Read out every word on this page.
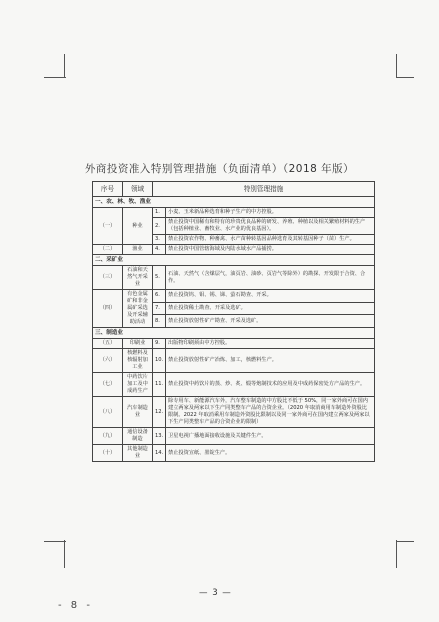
外商投资准入特别管理措施（负面清单）（2018 年版）
序号	领域	特别管理措施	
一、农、林、牧、渔业			
（一）	种业	1.	小麦、玉米新品种选育和种子生产的中方控股。
		2.	禁止投资中国稀有和特有的珍贵优良品种的研发、养殖、种植以及相关繁殖材料的生产（包括种植业、畜牧业、水产业的优良基因）。
		3.	禁止投资农作物、种畜禽、水产苗种转基因品种选育及其转基因种子（苗）生产。
（二）	渔业	4.	禁止投资中国管辖海域及内陆水域水产品捕捞。
二、采矿业			
（三）	石油和天然气开采业	5.	石油、天然气（含煤层气，油页岩、油砂、页岩气等除外）的勘探、开发限于合资、合作。
（四）	有色金属矿和非金属矿采选及开采辅助活动	6.	禁止投资钨、钼、锡、锑、萤石勘查、开采。
		7.	禁止投资稀土勘查、开采及选矿。
		8.	禁止投资放射性矿产勘查、开采及选矿。
三、制造业			
（五）	印刷业	9.	出版物印刷须由中方控股。
（六）	核燃料及核辐射加工业	10.	禁止投资放射性矿产冶炼、加工，核燃料生产。
（七）	中药饮片加工及中成药生产	11.	禁止投资中药饮片的蒸、炒、炙、煅等炮制技术的应用及中成药保密处方产品的生产。
（八）	汽车制造业	12.	除专用车、新能源汽车外，汽车整车制造的中方股比不低于 50%，同一家外商可在国内建立两家及两家以下生产同类整车产品的合资企业。（2020 年取消商用车制造外资股比限制。2022 年取消乘用车制造外资股比限制以及同一家外商可在国内建立两家及两家以下生产同类整车产品的合资企业的限制）
（九）	通信设备制造	13.	卫星电视广播地面接收设施及关键件生产。
（十）	其他制造业	14.	禁止投资宣纸、墨锭生产。
— 3 —
- 8 -
